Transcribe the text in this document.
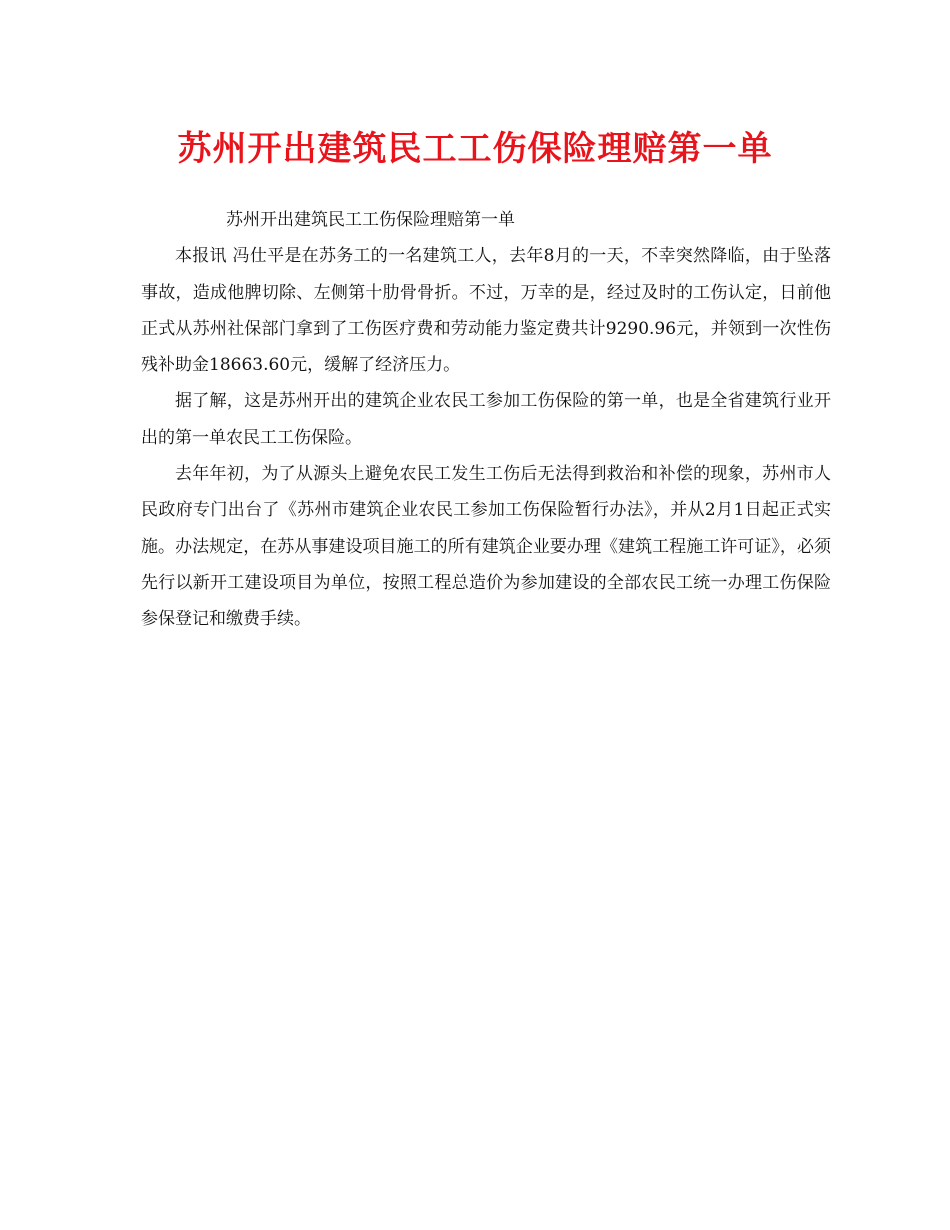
苏州开出建筑民工工伤保险理赔第一单

苏州开出建筑民工工伤保险理赔第一单

本报讯 冯仕平是在苏务工的一名建筑工人，去年8月的一天，不幸突然降临，由于坠落事故，造成他脾切除、左侧第十肋骨骨折。不过，万幸的是，经过及时的工伤认定，日前他正式从苏州社保部门拿到了工伤医疗费和劳动能力鉴定费共计9290.96元，并领到一次性伤残补助金18663.60元，缓解了经济压力。

据了解，这是苏州开出的建筑企业农民工参加工伤保险的第一单，也是全省建筑行业开出的第一单农民工工伤保险。

去年年初，为了从源头上避免农民工发生工伤后无法得到救治和补偿的现象，苏州市人民政府专门出台了《苏州市建筑企业农民工参加工伤保险暂行办法》，并从2月1日起正式实施。办法规定，在苏从事建设项目施工的所有建筑企业要办理《建筑工程施工许可证》，必须先行以新开工建设项目为单位，按照工程总造价为参加建设的全部农民工统一办理工伤保险参保登记和缴费手续。
